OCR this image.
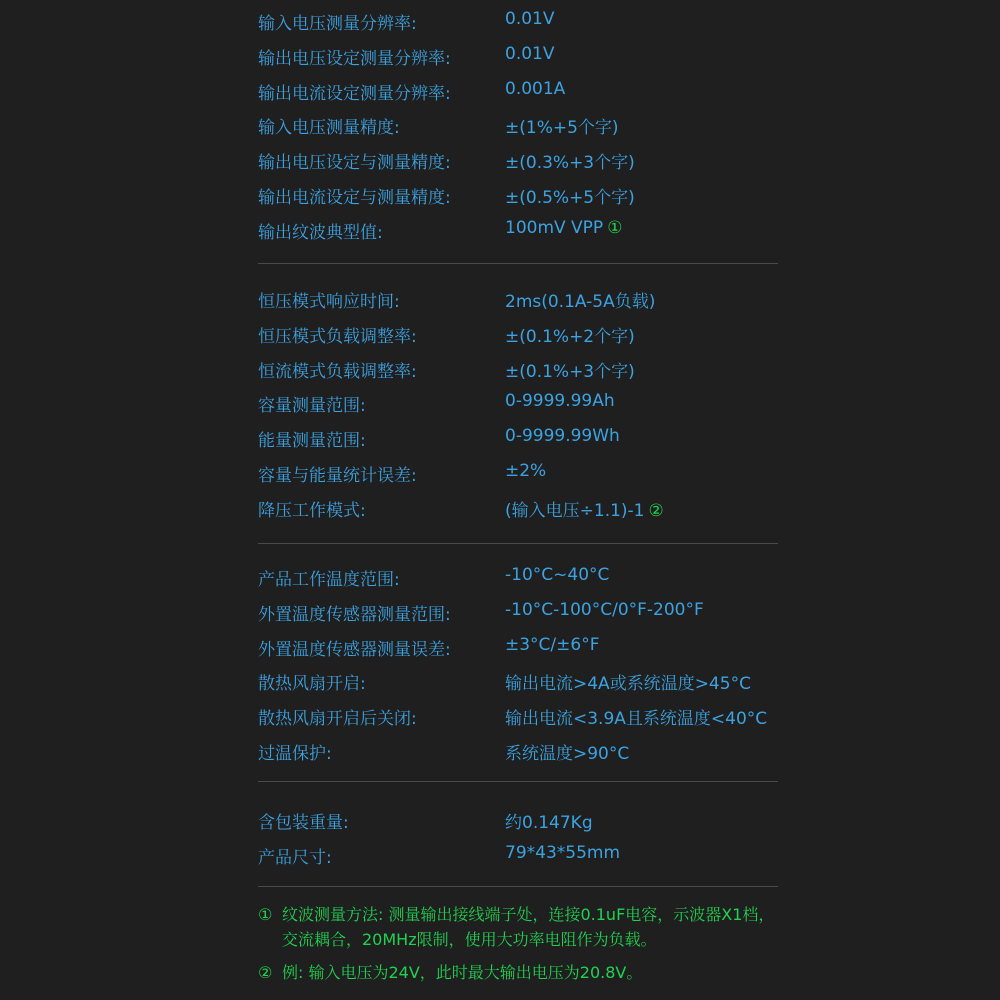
输入电压测量分辨率:	0.01V
输出电压设定测量分辨率:	0.01V
输出电流设定测量分辨率:	0.001A
输入电压测量精度:	±(1%+5个字)
输出电压设定与测量精度:	±(0.3%+3个字)
输出电流设定与测量精度:	±(0.5%+5个字)
输出纹波典型值:	100mV VPP ①
恒压模式响应时间:	2ms(0.1A-5A负载)
恒压模式负载调整率:	±(0.1%+2个字)
恒流模式负载调整率:	±(0.1%+3个字)
容量测量范围:	0-9999.99Ah
能量测量范围:	0-9999.99Wh
容量与能量统计误差:	±2%
降压工作模式:	(输入电压÷1.1)-1 ②
产品工作温度范围:	-10°C~40°C
外置温度传感器测量范围:	-10°C-100°C/0°F-200°F
外置温度传感器测量误差:	±3°C/±6°F
散热风扇开启:	输出电流>4A或系统温度>45°C
散热风扇开启后关闭:	输出电流<3.9A且系统温度<40°C
过温保护:	系统温度>90°C
含包装重量:	约0.147Kg
产品尺寸:	79*43*55mm
① 纹波测量方法: 测量输出接线端子处，连接0.1uF电容，示波器X1档，
交流耦合，20MHz限制，使用大功率电阻作为负载。
② 例: 输入电压为24V，此时最大输出电压为20.8V。
